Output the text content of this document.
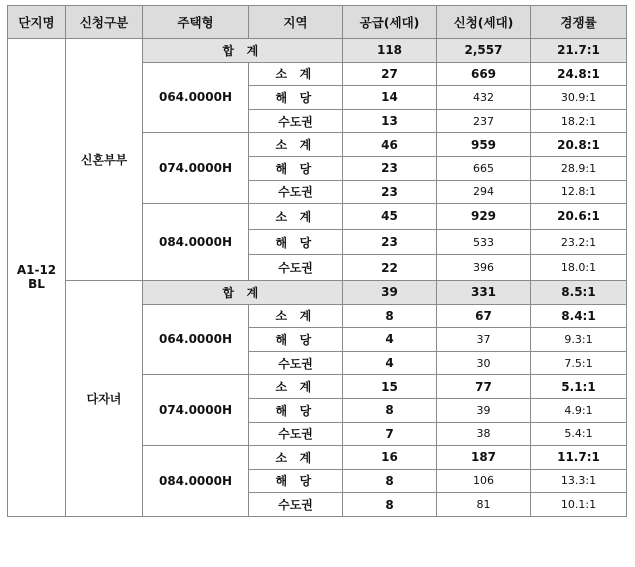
단지명	신청구분	주택형	지역	공급(세대)	신청(세대)	경쟁률
A1-12
BL	신혼부부	합 계		118	2,557	21.7:1
		064.0000H	소 계	27	669	24.8:1
			해 당	14	432	30.9:1
			수도권	13	237	18.2:1
		074.0000H	소 계	46	959	20.8:1
			해 당	23	665	28.9:1
			수도권	23	294	12.8:1
		084.0000H	소 계	45	929	20.6:1
			해 당	23	533	23.2:1
			수도권	22	396	18.0:1
	다자녀	합 계		39	331	8.5:1
		064.0000H	소 계	8	67	8.4:1
			해 당	4	37	9.3:1
			수도권	4	30	7.5:1
		074.0000H	소 계	15	77	5.1:1
			해 당	8	39	4.9:1
			수도권	7	38	5.4:1
		084.0000H	소 계	16	187	11.7:1
			해 당	8	106	13.3:1
			수도권	8	81	10.1:1
